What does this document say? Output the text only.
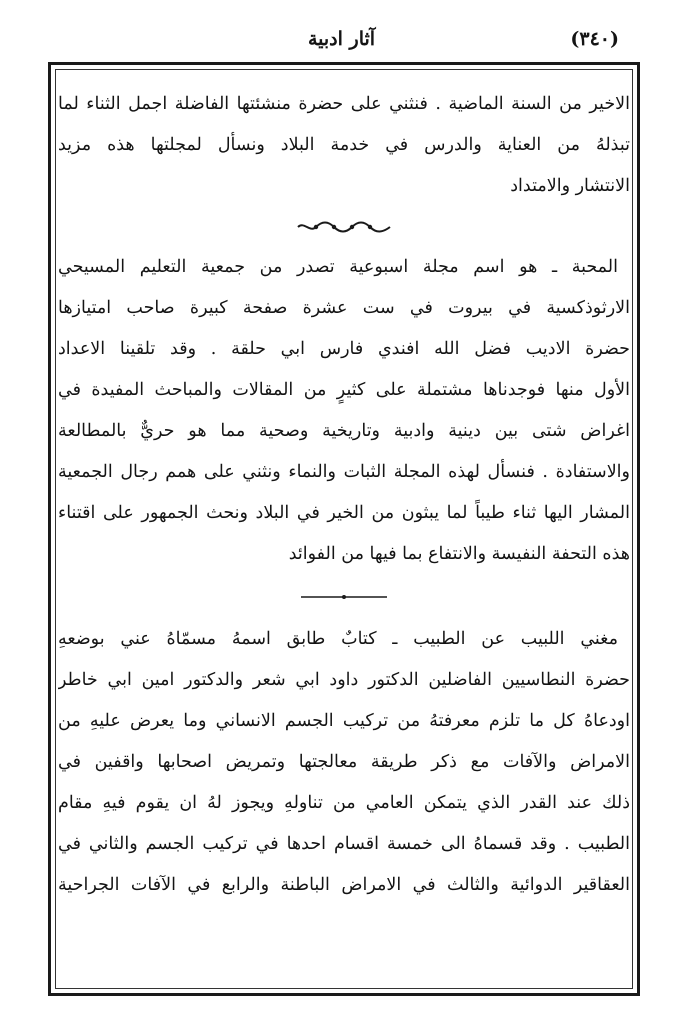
آثار ادبية	(٣٤٠)

الاخير من السنة الماضية . فنثني على حضرة منشئتها الفاضلة اجمل الثناء لما
تبذلهُ من العناية والدرس في خدمة البلاد ونسأل لمجلتها هذه مزيد
الانتشار والامتداد

المحبة ـ هو اسم مجلة اسبوعية تصدر من جمعية التعليم المسيحي
الارثوذكسية في بيروت في ست عشرة صفحة كبيرة صاحب امتيازها
حضرة الاديب فضل الله افندي فارس ابي حلقة . وقد تلقينا الاعداد
الأول منها فوجدناها مشتملة على كثيرٍ من المقالات والمباحث المفيدة في
اغراض شتى بين دينية وادبية وتاريخية وصحية مما هو حريٌّ بالمطالعة
والاستفادة . فنسأل لهذه المجلة الثبات والنماء ونثني على همم رجال الجمعية
المشار اليها ثناء طيباً لما يبثون من الخير في البلاد ونحث الجمهور على اقتناء
هذه التحفة النفيسة والانتفاع بما فيها من الفوائد

مغني اللبيب عن الطبيب ـ كتابٌ طابق اسمهُ مسمّاهُ عني بوضعهِ
حضرة النطاسيين الفاضلين الدكتور داود ابي شعر والدكتور امين ابي خاطر
اودعاهُ كل ما تلزم معرفتهُ من تركيب الجسم الانساني وما يعرض عليهِ من
الامراض والآفات مع ذكر طريقة معالجتها وتمريض اصحابها واقفين في
ذلك عند القدر الذي يتمكن العامي من تناولهِ ويجوز لهُ ان يقوم فيهِ مقام
الطبيب . وقد قسماهُ الى خمسة اقسام احدها في تركيب الجسم والثاني في
العقاقير الدوائية والثالث في الامراض الباطنة والرابع في الآفات الجراحية
